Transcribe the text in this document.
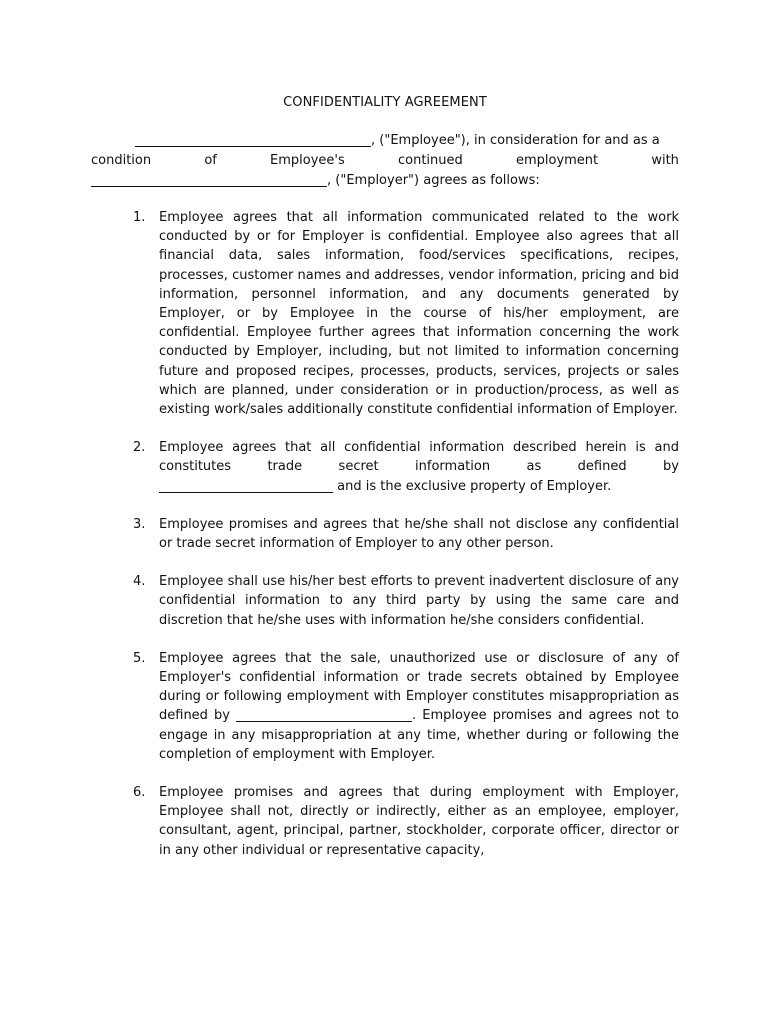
CONFIDENTIALITY AGREEMENT
, ("Employee"), in consideration for and as a
condition	of	Employee's	continued	employment	with
, ("Employer") agrees as follows:
1. Employee agrees that all information communicated related to the work conducted by or for Employer is confidential. Employee also agrees that all financial data, sales information, food/services specifications, recipes, processes, customer names and addresses, vendor information, pricing and bid information, personnel information, and any documents generated by Employer, or by Employee in the course of his/her employment, are confidential. Employee further agrees that information concerning the work conducted by Employer, including, but not limited to information concerning future and proposed recipes, processes, products, services, projects or sales which are planned, under consideration or in production/process, as well as existing work/sales additionally constitute confidential information of Employer.
2. Employee agrees that all confidential information described herein is and
constitutes	trade	secret	information	as	defined	by
and is the exclusive property of Employer.
3. Employee promises and agrees that he/she shall not disclose any confidential or trade secret information of Employer to any other person.
4. Employee shall use his/her best efforts to prevent inadvertent disclosure of any confidential information to any third party by using the same care and discretion that he/she uses with information he/she considers confidential.
5. Employee agrees that the sale, unauthorized use or disclosure of any of Employer's confidential information or trade secrets obtained by Employee during or following employment with Employer constitutes misappropriation as defined by	. Employee promises and agrees not to engage in any misappropriation at any time, whether during or following the completion of employment with Employer.
6. Employee promises and agrees that during employment with Employer, Employee shall not, directly or indirectly, either as an employee, employer, consultant, agent, principal, partner, stockholder, corporate officer, director or in any other individual or representative capacity,
